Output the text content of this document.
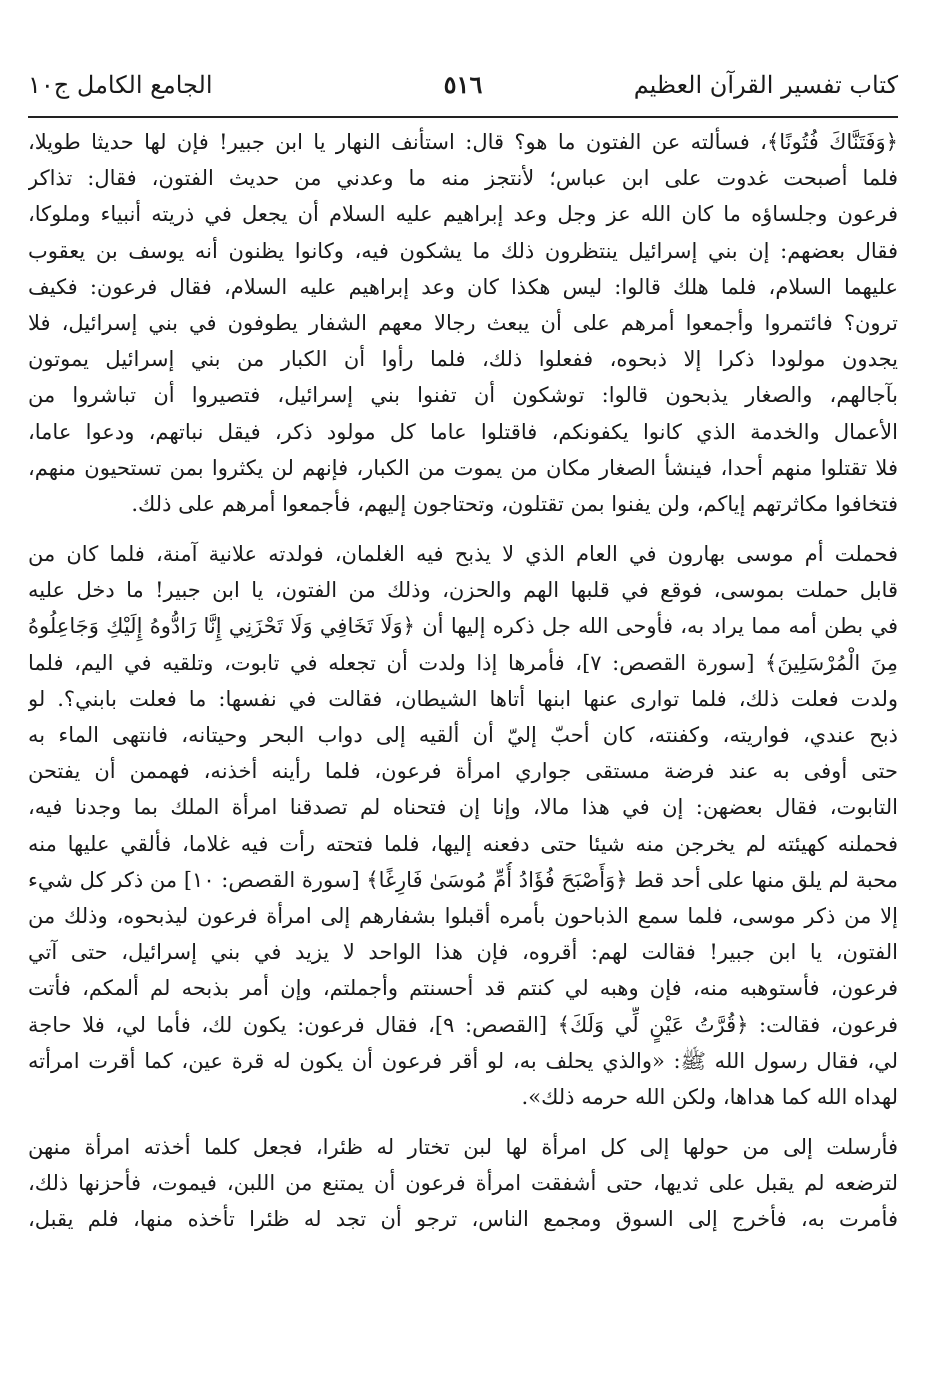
كتاب تفسير القرآن العظيم
٥١٦
الجامع الكامل ج١٠
﴿وَفَتَنَّاكَ فُتُونًا﴾، فسألته عن الفتون ما هو؟ قال: استأنف النهار يا ابن جبير! فإن لها حديثا طويلا،
فلما أصبحت غدوت على ابن عباس؛ لأنتجز منه ما وعدني من حديث الفتون، فقال: تذاكر
فرعون وجلساؤه ما كان الله عز وجل وعد إبراهيم عليه السلام أن يجعل في ذريته أنبياء وملوكا،
فقال بعضهم: إن بني إسرائيل ينتظرون ذلك ما يشكون فيه، وكانوا يظنون أنه يوسف بن يعقوب
عليهما السلام، فلما هلك قالوا: ليس هكذا كان وعد إبراهيم عليه السلام، فقال فرعون: فكيف
ترون؟ فائتمروا وأجمعوا أمرهم على أن يبعث رجالا معهم الشفار يطوفون في بني إسرائيل، فلا
يجدون مولودا ذكرا إلا ذبحوه، ففعلوا ذلك، فلما رأوا أن الكبار من بني إسرائيل يموتون
بآجالهم، والصغار يذبحون قالوا: توشكون أن تفنوا بني إسرائيل، فتصيروا أن تباشروا من
الأعمال والخدمة الذي كانوا يكفونكم، فاقتلوا عاما كل مولود ذكر، فيقل نباتهم، ودعوا عاما،
فلا تقتلوا منهم أحدا، فينشأ الصغار مكان من يموت من الكبار، فإنهم لن يكثروا بمن تستحيون منهم،
فتخافوا مكاثرتهم إياكم، ولن يفنوا بمن تقتلون، وتحتاجون إليهم، فأجمعوا أمرهم على ذلك.
فحملت أم موسى بهارون في العام الذي لا يذبح فيه الغلمان، فولدته علانية آمنة، فلما كان من
قابل حملت بموسى، فوقع في قلبها الهم والحزن، وذلك من الفتون، يا ابن جبير! ما دخل عليه
في بطن أمه مما يراد به، فأوحى الله جل ذكره إليها أن ﴿وَلَا تَخَافِي وَلَا تَحْزَنِي إِنَّا رَادُّوهُ إِلَيْكِ وَجَاعِلُوهُ
مِنَ الْمُرْسَلِينَ﴾ [سورة القصص: ٧]، فأمرها إذا ولدت أن تجعله في تابوت، وتلقيه في اليم، فلما
ولدت فعلت ذلك، فلما توارى عنها ابنها أتاها الشيطان، فقالت في نفسها: ما فعلت بابني؟. لو
ذبح عندي، فواريته، وكفنته، كان أحبّ إليّ أن ألقيه إلى دواب البحر وحيتانه، فانتهى الماء به
حتى أوفى به عند فرضة مستقى جواري امرأة فرعون، فلما رأينه أخذنه، فهممن أن يفتحن
التابوت، فقال بعضهن: إن في هذا مالا، وإنا إن فتحناه لم تصدقنا امرأة الملك بما وجدنا فيه،
فحملنه كهيئته لم يخرجن منه شيئا حتى دفعنه إليها، فلما فتحته رأت فيه غلاما، فألقي عليها منه
محبة لم يلق منها على أحد قط ﴿وَأَصْبَحَ فُؤَادُ أُمِّ مُوسَىٰ فَارِغًا﴾ [سورة القصص: ١٠] من ذكر كل شيء
إلا من ذكر موسى، فلما سمع الذباحون بأمره أقبلوا بشفارهم إلى امرأة فرعون ليذبحوه، وذلك من
الفتون، يا ابن جبير! فقالت لهم: أقروه، فإن هذا الواحد لا يزيد في بني إسرائيل، حتى آتي
فرعون، فأستوهبه منه، فإن وهبه لي كنتم قد أحسنتم وأجملتم، وإن أمر بذبحه لم ألمكم، فأتت
فرعون، فقالت: ﴿قُرَّتُ عَيْنٍ لِّي وَلَكَ﴾ [القصص: ٩]، فقال فرعون: يكون لك، فأما لي، فلا حاجة
لي، فقال رسول الله ﷺ: «والذي يحلف به، لو أقر فرعون أن يكون له قرة عين، كما أقرت امرأته
لهداه الله كما هداها، ولكن الله حرمه ذلك».
فأرسلت إلى من حولها إلى كل امرأة لها لبن تختار له ظئرا، فجعل كلما أخذته امرأة منهن
لترضعه لم يقبل على ثديها، حتى أشفقت امرأة فرعون أن يمتنع من اللبن، فيموت، فأحزنها ذلك،
فأمرت به، فأخرج إلى السوق ومجمع الناس، ترجو أن تجد له ظئرا تأخذه منها، فلم يقبل،
